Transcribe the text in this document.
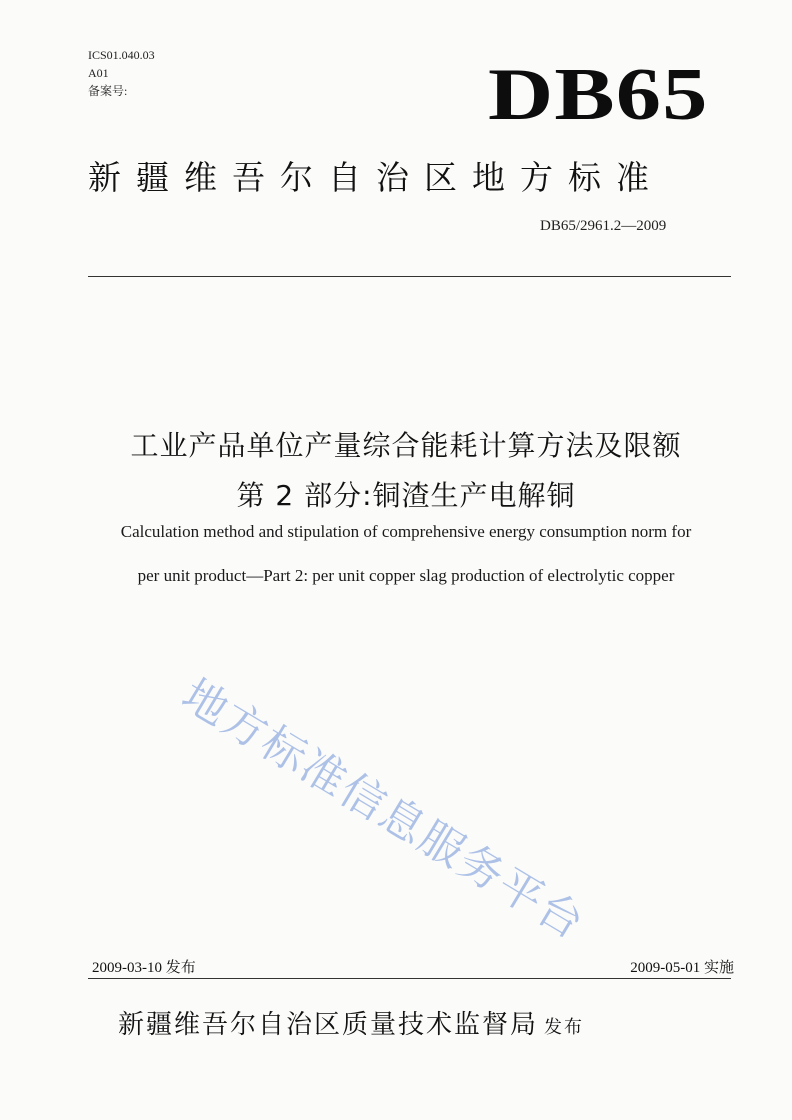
ICS01.040.03
A01
备案号:	DB65
新疆维吾尔自治区地方标准
DB65/2961.2—2009
工业产品单位产量综合能耗计算方法及限额
第 2 部分:铜渣生产电解铜
Calculation method and stipulation of comprehensive energy consumption norm for
per unit product—Part 2: per unit copper slag production of electrolytic copper
地方标准信息服务平台
2009-03-10 发布	2009-05-01 实施
新疆维吾尔自治区质量技术监督局 发布
